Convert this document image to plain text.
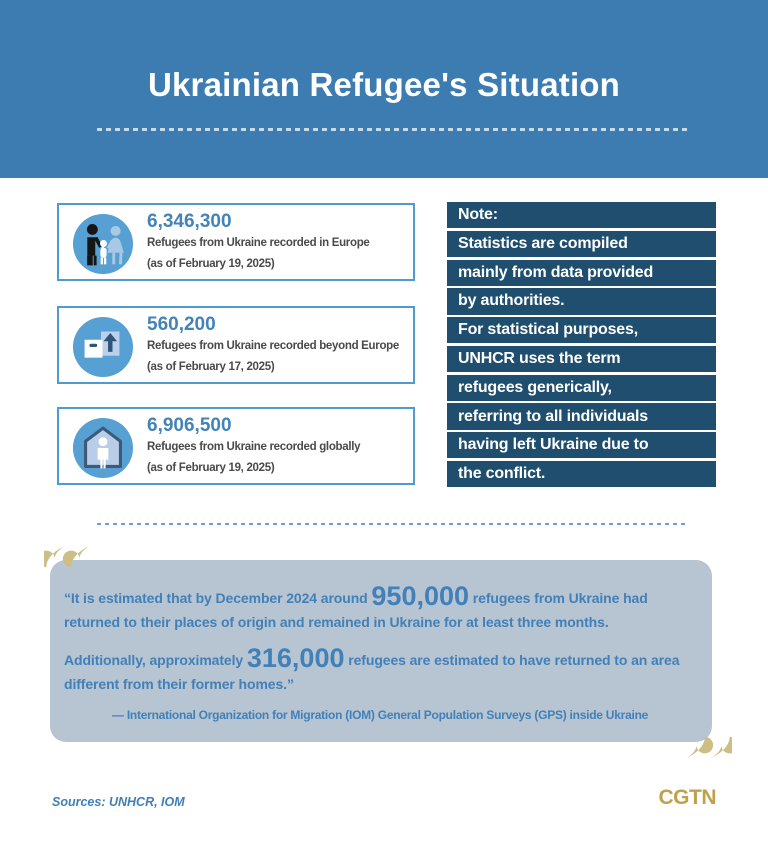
Ukrainian Refugee's Situation
6,346,300
Refugees from Ukraine recorded in Europe
(as of February 19, 2025)
560,200
Refugees from Ukraine recorded beyond Europe
(as of February 17, 2025)
6,906,500
Refugees from Ukraine recorded globally
(as of February 19, 2025)
Note:
Statistics are compiled
mainly from data provided
by authorities.
For statistical purposes,
UNHCR uses the term
refugees generically,
referring to all individuals
having left Ukraine due to
the conflict.
“It is estimated that by December 2024 around 950,000 refugees from Ukraine had returned to their places of origin and remained in Ukraine for at least three months.
Additionally, approximately 316,000 refugees are estimated to have returned to an area different from their former homes.”
— International Organization for Migration (IOM) General Population Surveys (GPS) inside Ukraine
Sources: UNHCR, IOM	CGTN
